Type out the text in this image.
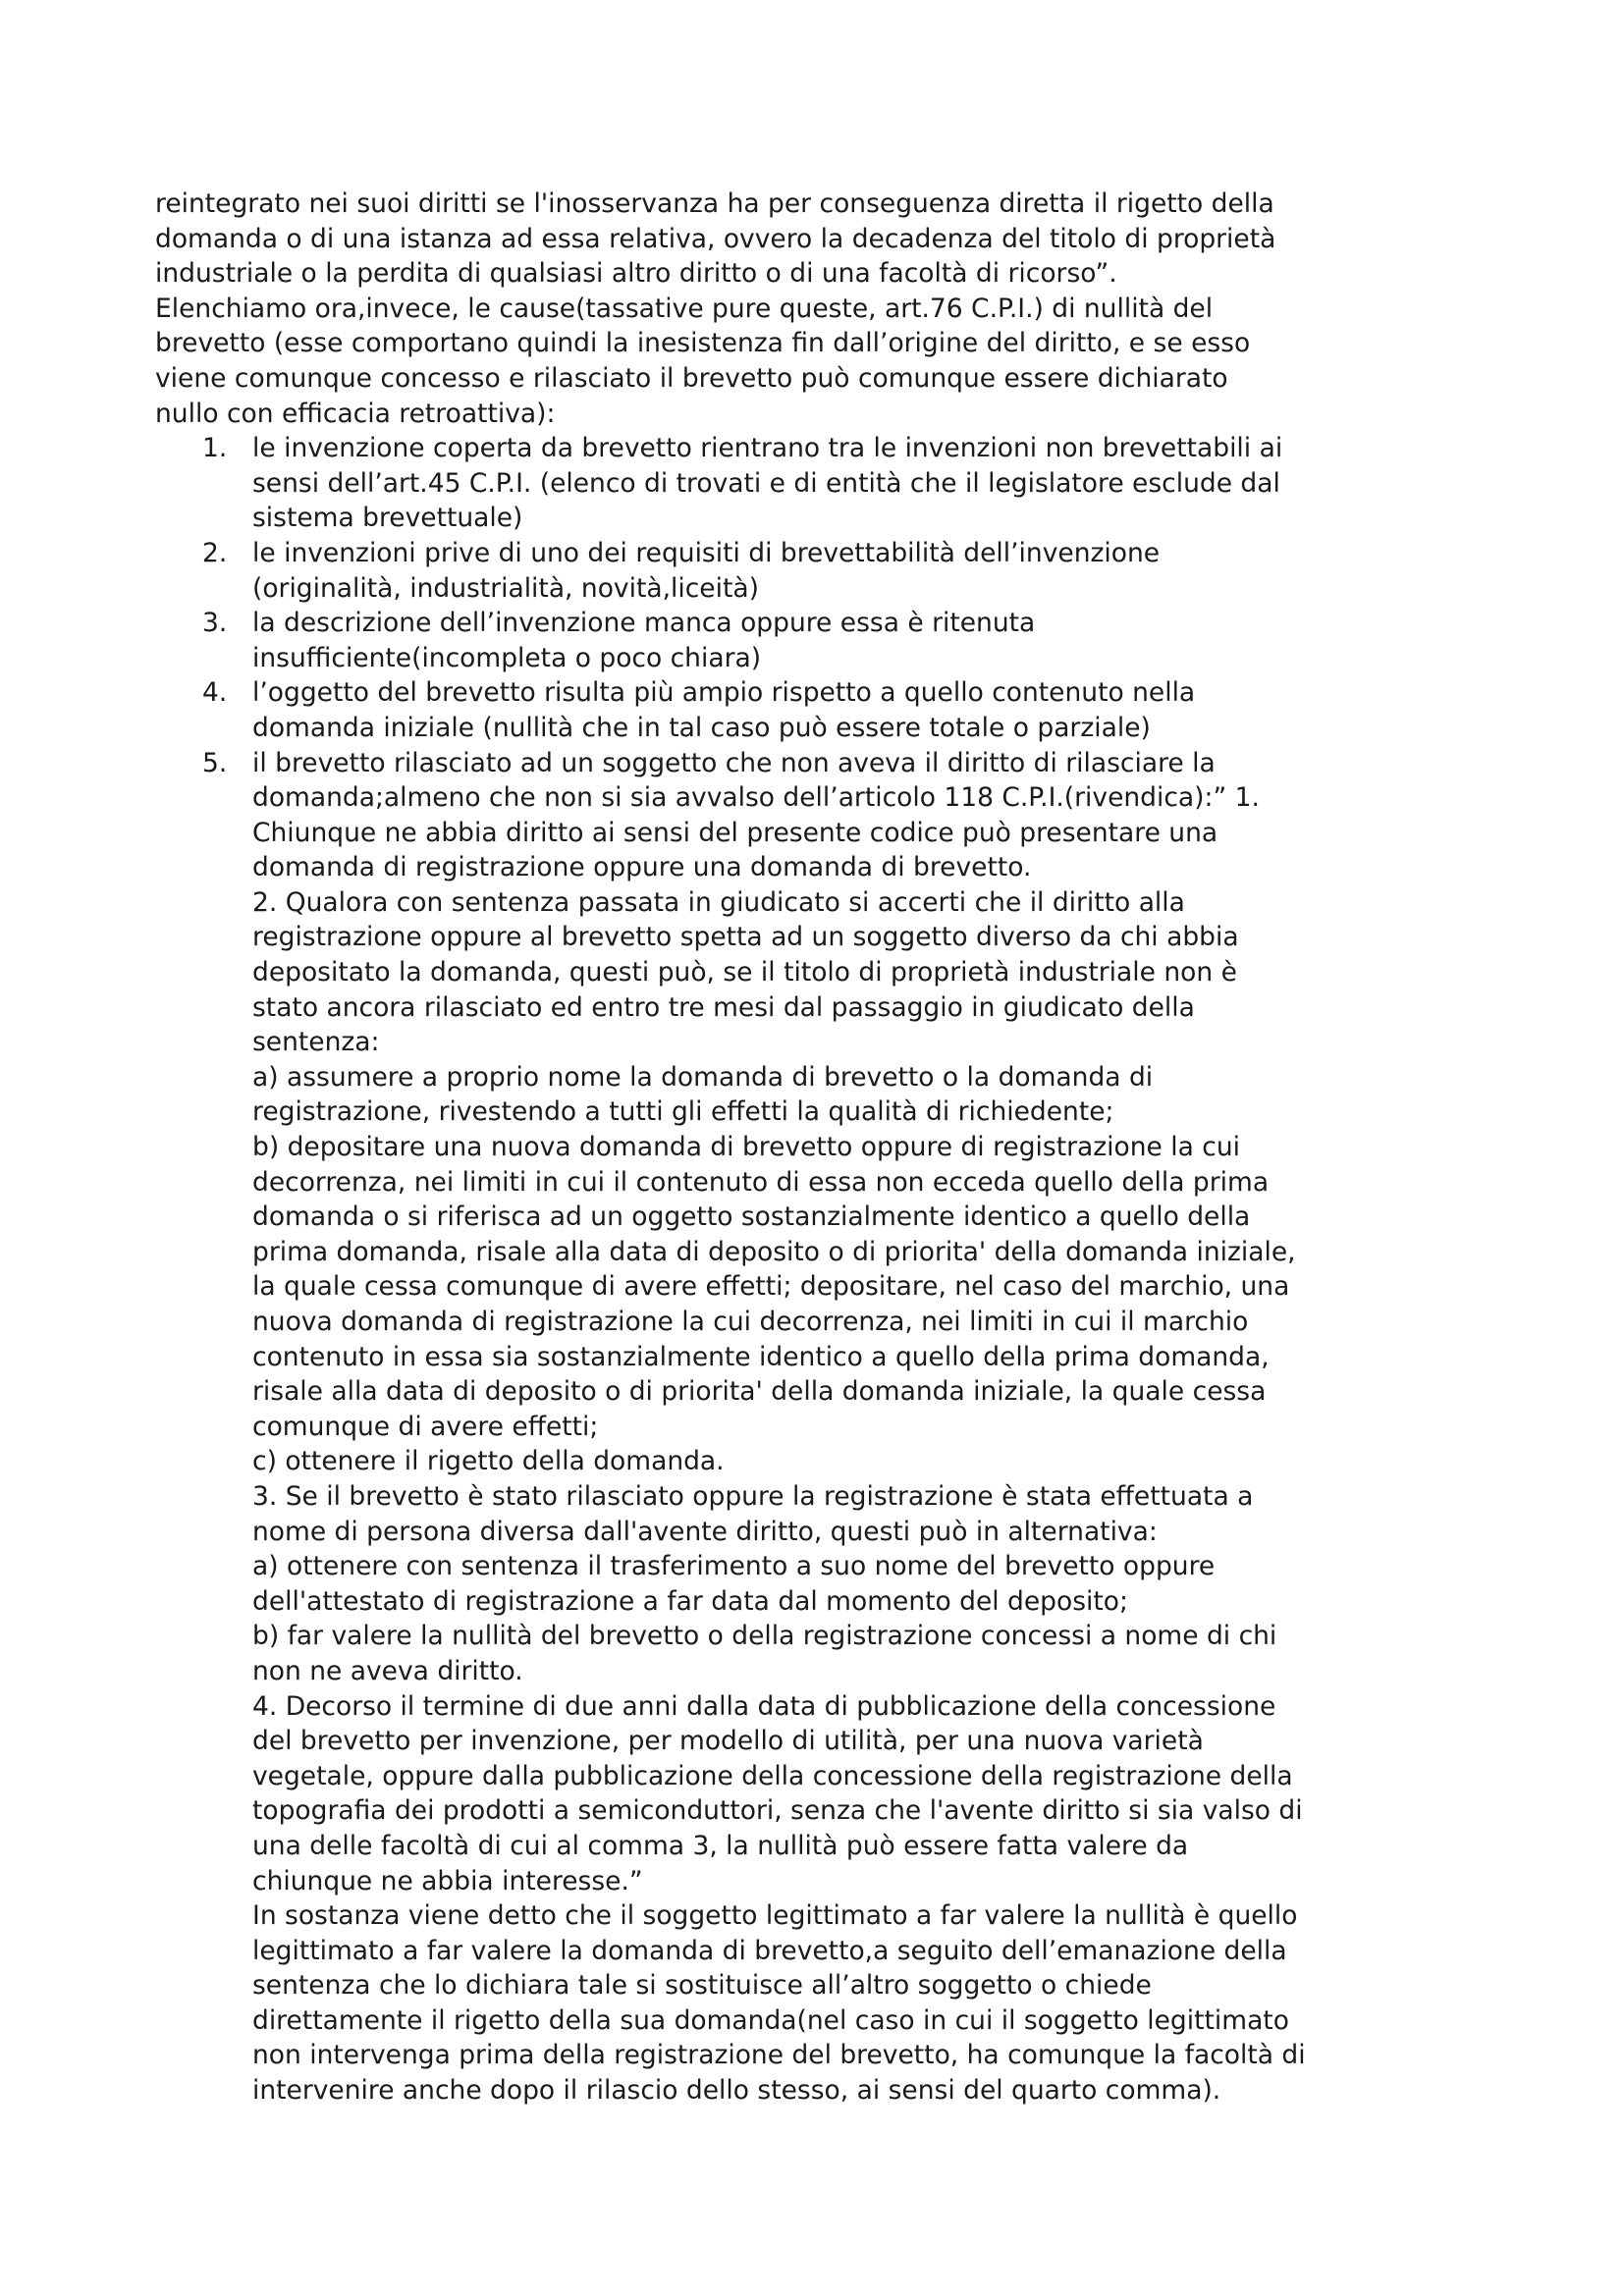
reintegrato nei suoi diritti se l'inosservanza ha per conseguenza diretta il rigetto della
domanda o di una istanza ad essa relativa, ovvero la decadenza del titolo di proprietà
industriale o la perdita di qualsiasi altro diritto o di una facoltà di ricorso”.
Elenchiamo ora,invece, le cause(tassative pure queste, art.76 C.P.I.) di nullità del
brevetto (esse comportano quindi la inesistenza fin dall’origine del diritto, e se esso
viene comunque concesso e rilasciato il brevetto può comunque essere dichiarato
nullo con efficacia retroattiva):

1. le invenzione coperta da brevetto rientrano tra le invenzioni non brevettabili ai
sensi dell’art.45 C.P.I. (elenco di trovati e di entità che il legislatore esclude dal
sistema brevettuale)
2. le invenzioni prive di uno dei requisiti di brevettabilità dell’invenzione
(originalità, industrialità, novità,liceità)
3. la descrizione dell’invenzione manca oppure essa è ritenuta
insufficiente(incompleta o poco chiara)
4. l’oggetto del brevetto risulta più ampio rispetto a quello contenuto nella
domanda iniziale (nullità che in tal caso può essere totale o parziale)
5. il brevetto rilasciato ad un soggetto che non aveva il diritto di rilasciare la
domanda;almeno che non si sia avvalso dell’articolo 118 C.P.I.(rivendica):” 1.
Chiunque ne abbia diritto ai sensi del presente codice può presentare una
domanda di registrazione oppure una domanda di brevetto.
2. Qualora con sentenza passata in giudicato si accerti che il diritto alla
registrazione oppure al brevetto spetta ad un soggetto diverso da chi abbia
depositato la domanda, questi può, se il titolo di proprietà industriale non è
stato ancora rilasciato ed entro tre mesi dal passaggio in giudicato della
sentenza:
a) assumere a proprio nome la domanda di brevetto o la domanda di
registrazione, rivestendo a tutti gli effetti la qualità di richiedente;
b) depositare una nuova domanda di brevetto oppure di registrazione la cui
decorrenza, nei limiti in cui il contenuto di essa non ecceda quello della prima
domanda o si riferisca ad un oggetto sostanzialmente identico a quello della
prima domanda, risale alla data di deposito o di priorita' della domanda iniziale,
la quale cessa comunque di avere effetti; depositare, nel caso del marchio, una
nuova domanda di registrazione la cui decorrenza, nei limiti in cui il marchio
contenuto in essa sia sostanzialmente identico a quello della prima domanda,
risale alla data di deposito o di priorita' della domanda iniziale, la quale cessa
comunque di avere effetti;
c) ottenere il rigetto della domanda.
3. Se il brevetto è stato rilasciato oppure la registrazione è stata effettuata a
nome di persona diversa dall'avente diritto, questi può in alternativa:
a) ottenere con sentenza il trasferimento a suo nome del brevetto oppure
dell'attestato di registrazione a far data dal momento del deposito;
b) far valere la nullità del brevetto o della registrazione concessi a nome di chi
non ne aveva diritto.
4. Decorso il termine di due anni dalla data di pubblicazione della concessione
del brevetto per invenzione, per modello di utilità, per una nuova varietà
vegetale, oppure dalla pubblicazione della concessione della registrazione della
topografia dei prodotti a semiconduttori, senza che l'avente diritto si sia valso di
una delle facoltà di cui al comma 3, la nullità può essere fatta valere da
chiunque ne abbia interesse.”
In sostanza viene detto che il soggetto legittimato a far valere la nullità è quello
legittimato a far valere la domanda di brevetto,a seguito dell’emanazione della
sentenza che lo dichiara tale si sostituisce all’altro soggetto o chiede
direttamente il rigetto della sua domanda(nel caso in cui il soggetto legittimato
non intervenga prima della registrazione del brevetto, ha comunque la facoltà di
intervenire anche dopo il rilascio dello stesso, ai sensi del quarto comma).
